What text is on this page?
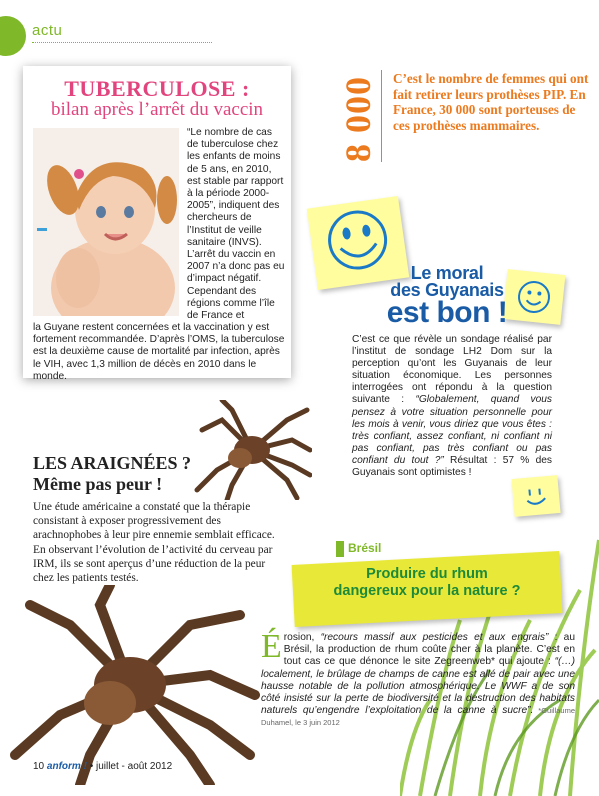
actu
TUBERCULOSE :
bilan après l’arrêt du vaccin
“Le nombre de cas de tuberculose chez les enfants de moins de 5 ans, en 2010, est stable par rapport à la période 2000-2005”, indiquent des chercheurs de l’Institut de veille sanitaire (INVS). L’arrêt du vaccin en 2007 n’a donc pas eu d’impact négatif. Cependant des régions comme l’île de France et
la Guyane restent concernées et la vaccination y est fortement recommandée. D’après l’OMS, la tuberculose est la deuxième cause de mortalité par infection, après le VIH, avec 1,3 million de décès en 2010 dans le monde.
8 000 C’est le nombre de femmes qui ont fait retirer leurs prothèses PIP. En France, 30 000 sont porteuses de ces prothèses mammaires.
Le moral
des Guyanais
est bon !
C’est ce que révèle un sondage réalisé par l’institut de sondage LH2 Dom sur la perception qu’ont les Guyanais de leur situation économique. Les personnes interrogées ont répondu à la question suivante : “Globalement, quand vous pensez à votre situation personnelle pour les mois à venir, vous diriez que vous êtes : très confiant, assez confiant, ni confiant ni pas confiant, pas très confiant ou pas confiant du tout ?” Résultat : 57 % des Guyanais sont optimistes !
LES ARAIGNÉES ?
Même pas peur !
Une étude américaine a constaté que la thérapie consistant à exposer progressivement des arachnophobes à leur pire ennemie semblait efficace. En observant l’évolution de l’activité du cerveau par IRM, ils se sont aperçus d’une réduction de la peur chez les patients testés.
Brésil
Produire du rhum
dangereux pour la nature ?
Érosion, “recours massif aux pesticides et aux engrais” : au Brésil, la production de rhum coûte cher à la planète. C’est en tout cas ce que dénonce le site Zegreenweb* qui ajoute : “(…) localement, le brûlage de champs de canne est allé de pair avec une hausse notable de la pollution atmosphérique. Le WWF a de son côté insisté sur la perte de biodiversité et la destruction des habitats naturels qu’engendre l’exploitation de la canne à sucre”. *Guillaume Duhamel, le 3 juin 2012
10 anform ! • juillet - août 2012
